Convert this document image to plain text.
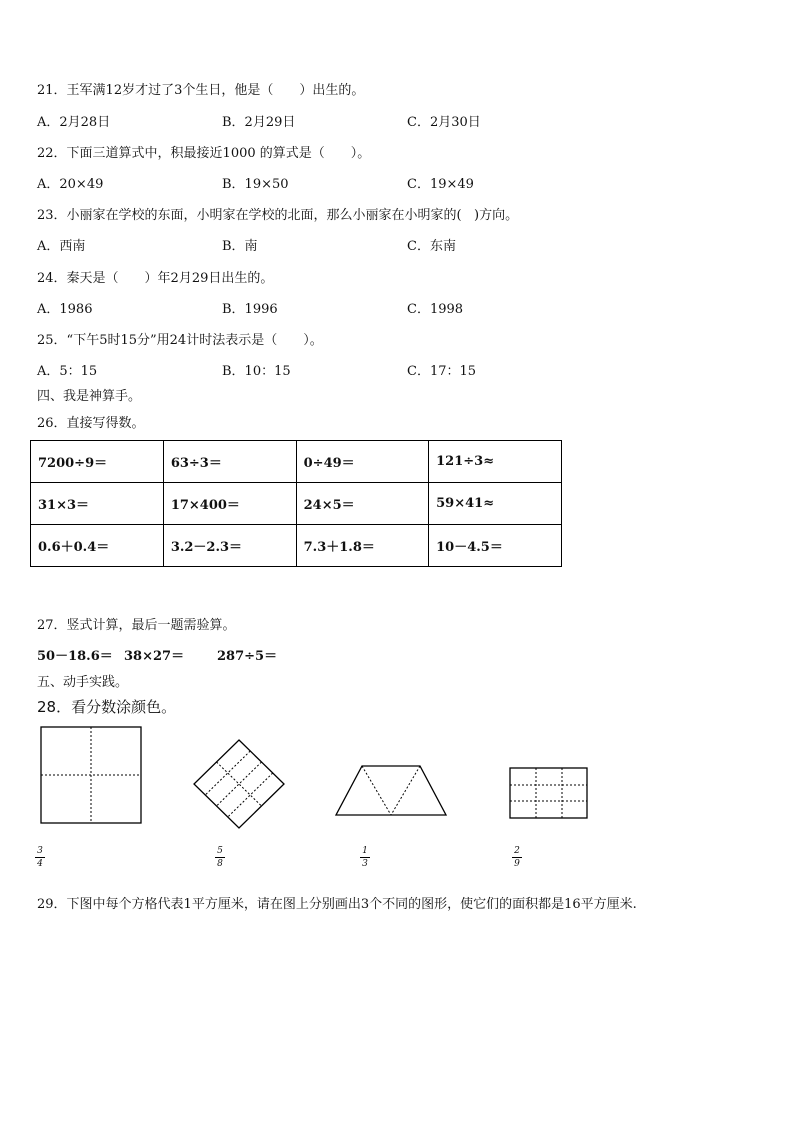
21．王军满12岁才过了3个生日，他是（　　）出生的。
A．2月28日	B．2月29日	C．2月30日
22．下面三道算式中，积最接近1000 的算式是（　　）。
A．20×49	B．19×50	C．19×49
23．小丽家在学校的东面，小明家在学校的北面，那么小丽家在小明家的(   )方向。
A．西南	B．南	C．东南
24．秦天是（　　）年2月29日出生的。
A．1986	B．1996	C．1998
25．“下午5时15分”用24计时法表示是（　　）。
A．5：15	B．10：15	C．17：15
四、我是神算手。
26．直接写得数。
7200÷9＝	63÷3＝	0÷49＝	121÷3≈
31×3＝	17×400＝	24×5＝	59×41≈
0.6＋0.4＝	3.2－2.3＝	7.3＋1.8＝	10－4.5＝
27．竖式计算，最后一题需验算。
50－18.6＝ 38×27＝	287÷5＝
五、动手实践。
28．看分数涂颜色。
3
4
5
8
1
3
2
9
29．下图中每个方格代表1平方厘米，请在图上分别画出3个不同的图形，使它们的面积都是16平方厘米.
